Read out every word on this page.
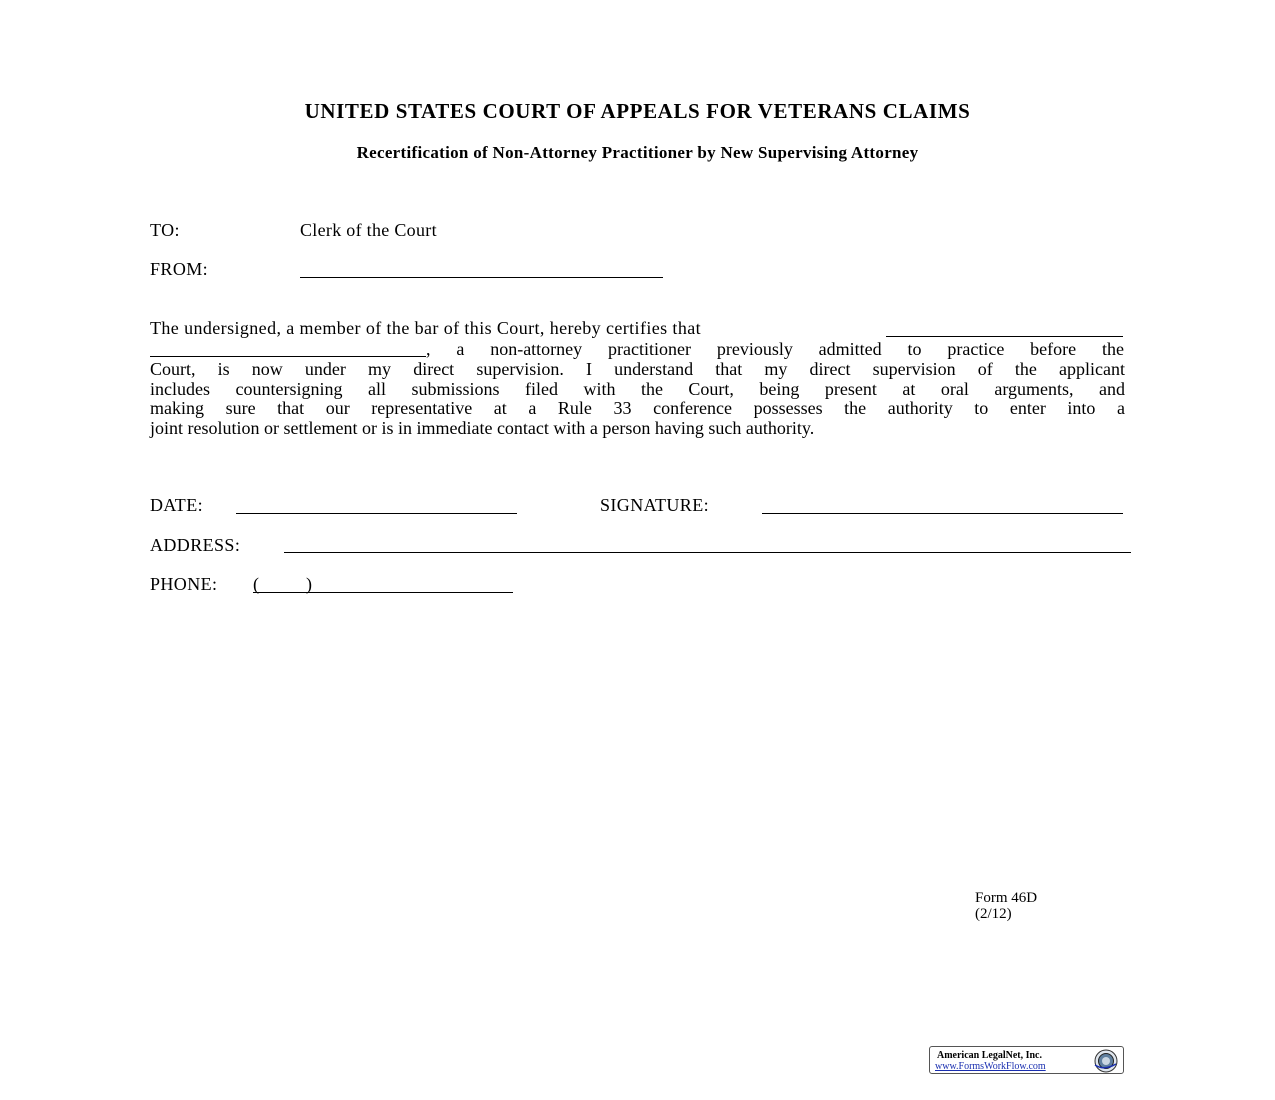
UNITED STATES COURT OF APPEALS FOR VETERANS CLAIMS
Recertification of Non-Attorney Practitioner by New Supervising Attorney
TO:	Clerk of the Court
FROM:
The undersigned, a member of the bar of this Court, hereby certifies that
, a non-attorney practitioner previously admitted to practice before the
Court, is now under my direct supervision. I understand that my direct supervision of the applicant
includes countersigning all submissions filed with the Court, being present at oral arguments, and
making sure that our representative at a Rule 33 conference possesses the authority to enter into a
joint resolution or settlement or is in immediate contact with a person having such authority.
DATE:	SIGNATURE:
ADDRESS:
PHONE: (	)
Form 46D
(2/12)
American LegalNet, Inc.
www.FormsWorkFlow.com
